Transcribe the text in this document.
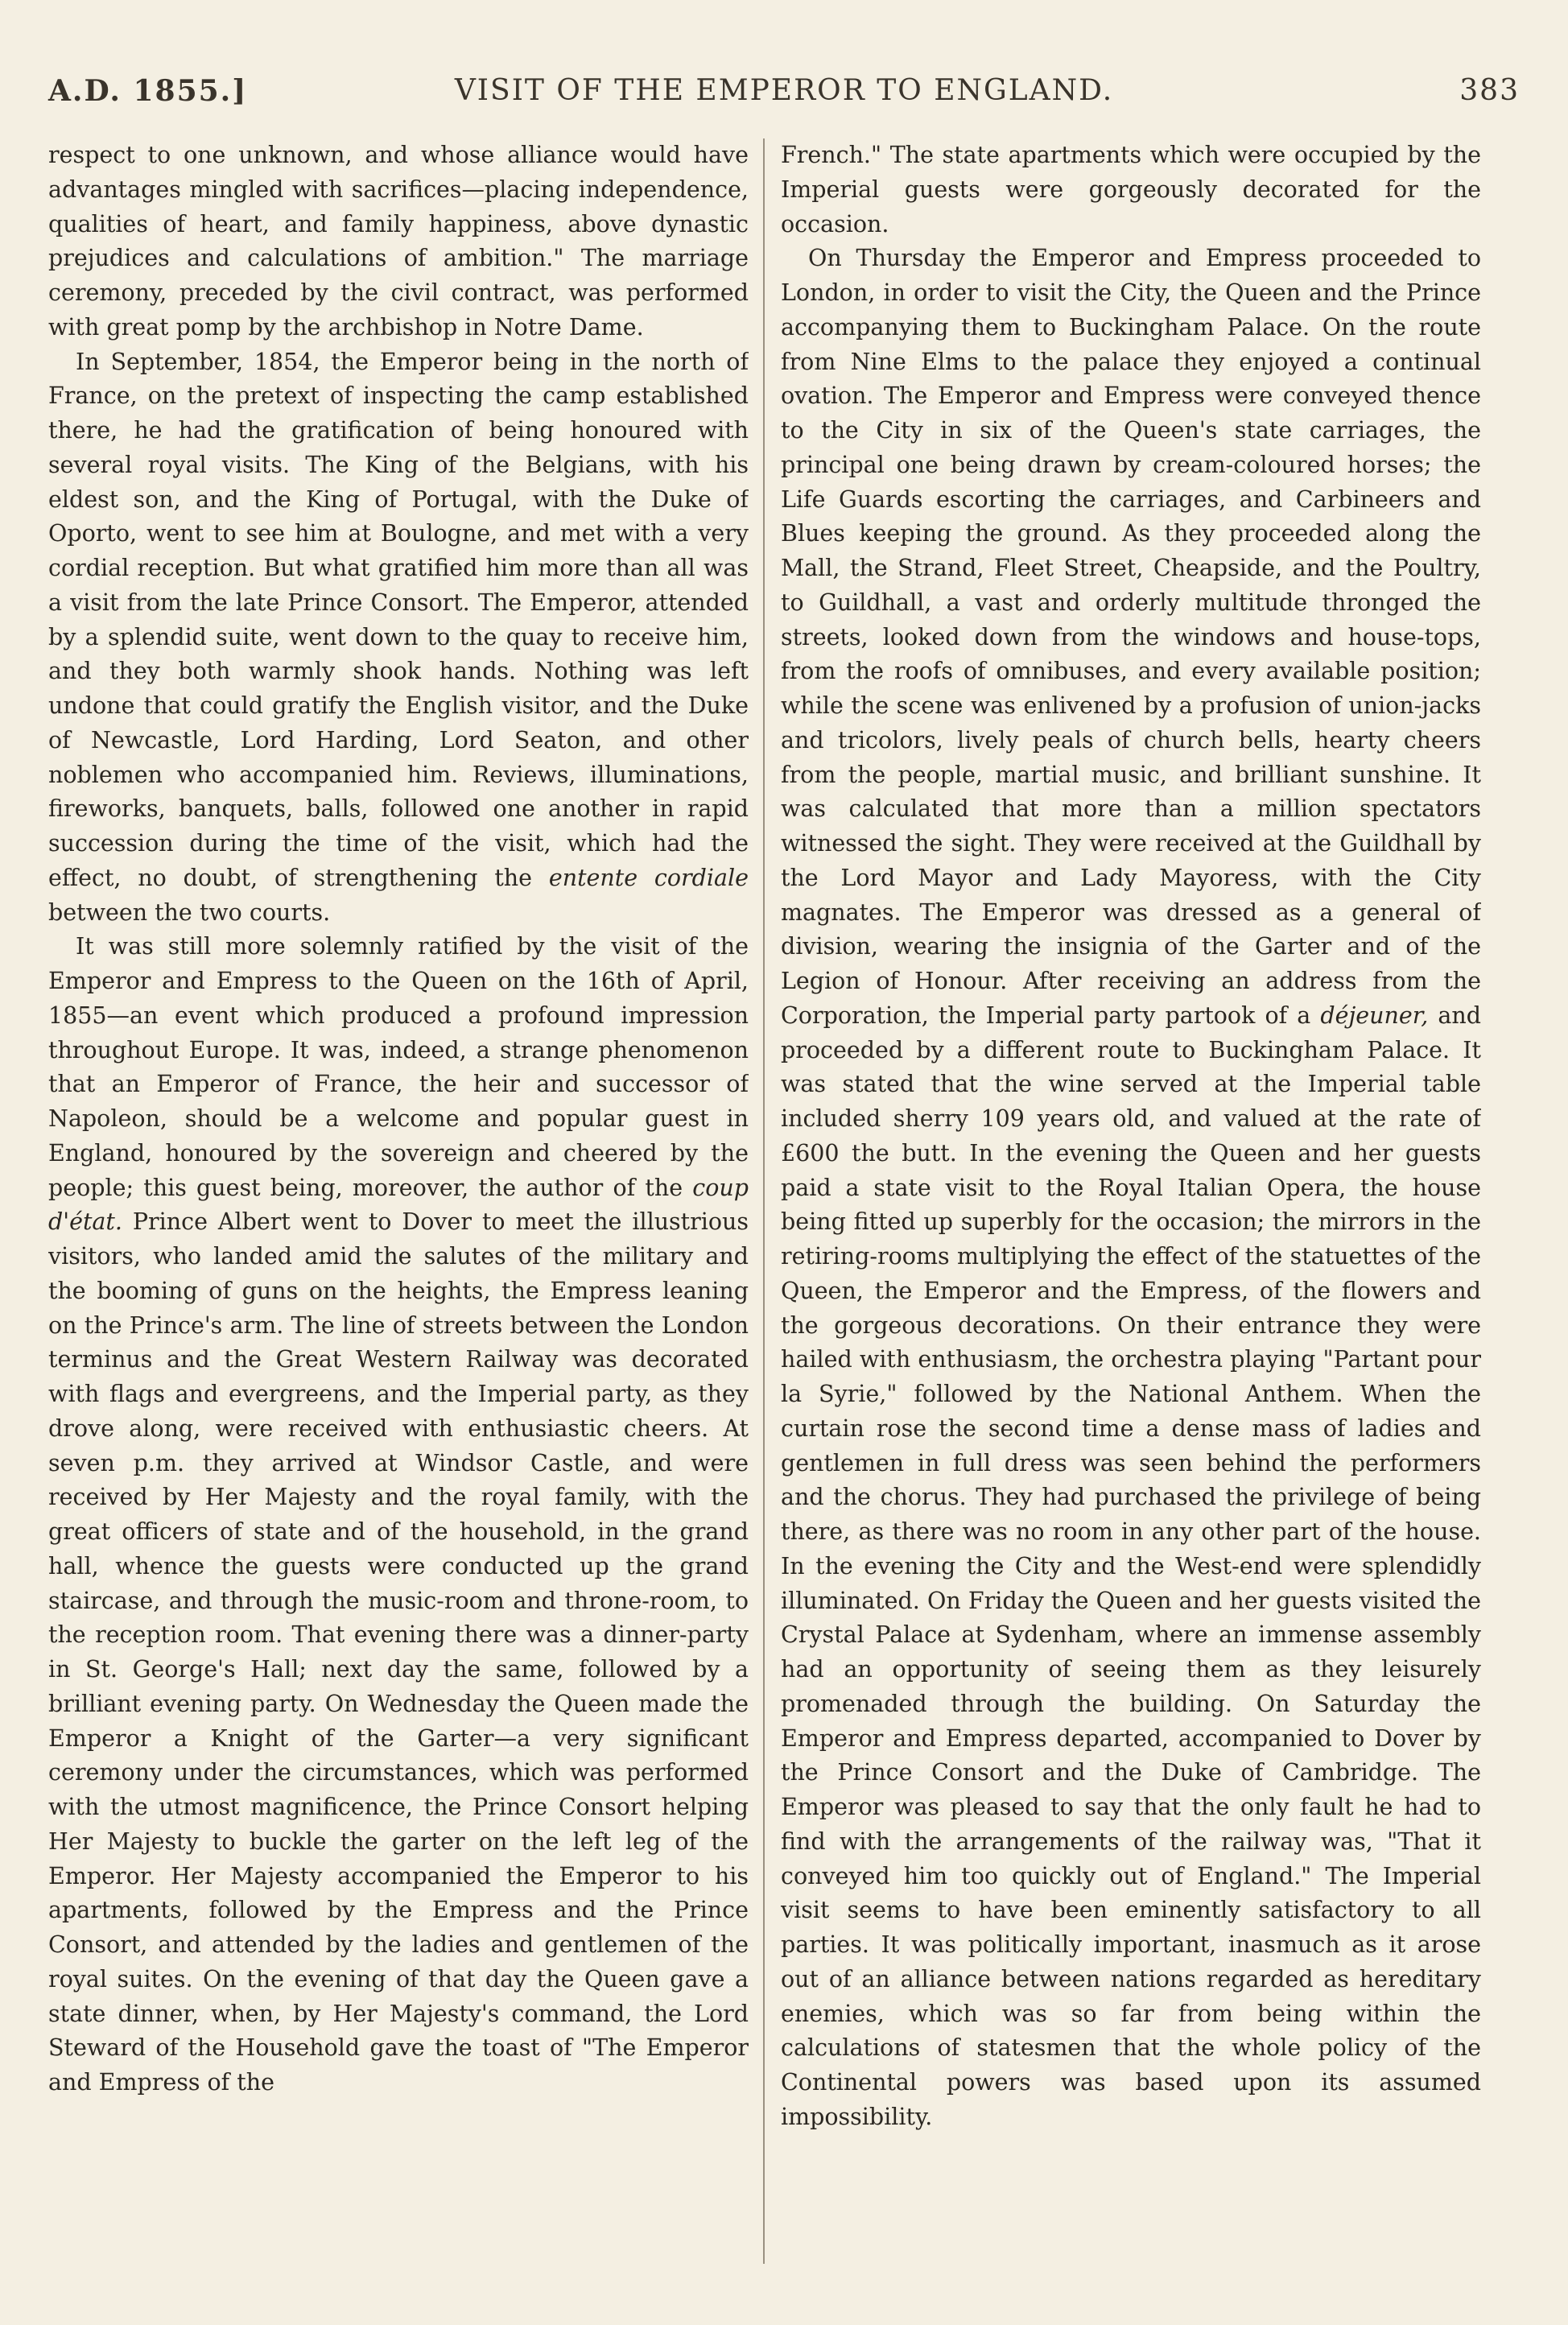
A.D. 1855.]	VISIT OF THE EMPEROR TO ENGLAND.	383

respect to one unknown, and whose alliance would have advantages mingled with sacrifices—placing independence, qualities of heart, and family happiness, above dynastic prejudices and calculations of ambition." The marriage ceremony, preceded by the civil contract, was performed with great pomp by the archbishop in Notre Dame.

In September, 1854, the Emperor being in the north of France, on the pretext of inspecting the camp established there, he had the gratification of being honoured with several royal visits. The King of the Belgians, with his eldest son, and the King of Portugal, with the Duke of Oporto, went to see him at Boulogne, and met with a very cordial reception. But what gratified him more than all was a visit from the late Prince Consort. The Emperor, attended by a splendid suite, went down to the quay to receive him, and they both warmly shook hands. Nothing was left undone that could gratify the English visitor, and the Duke of Newcastle, Lord Harding, Lord Seaton, and other noblemen who accompanied him. Reviews, illuminations, fireworks, banquets, balls, followed one another in rapid succession during the time of the visit, which had the effect, no doubt, of strengthening the entente cordiale between the two courts.

It was still more solemnly ratified by the visit of the Emperor and Empress to the Queen on the 16th of April, 1855—an event which produced a profound impression throughout Europe. It was, indeed, a strange phenomenon that an Emperor of France, the heir and successor of Napoleon, should be a welcome and popular guest in England, honoured by the sovereign and cheered by the people; this guest being, moreover, the author of the coup d'état. Prince Albert went to Dover to meet the illustrious visitors, who landed amid the salutes of the military and the booming of guns on the heights, the Empress leaning on the Prince's arm. The line of streets between the London terminus and the Great Western Railway was decorated with flags and evergreens, and the Imperial party, as they drove along, were received with enthusiastic cheers. At seven p.m. they arrived at Windsor Castle, and were received by Her Majesty and the royal family, with the great officers of state and of the household, in the grand hall, whence the guests were conducted up the grand staircase, and through the music-room and throne-room, to the reception room. That evening there was a dinner-party in St. George's Hall; next day the same, followed by a brilliant evening party. On Wednesday the Queen made the Emperor a Knight of the Garter—a very significant ceremony under the circumstances, which was performed with the utmost magnificence, the Prince Consort helping Her Majesty to buckle the garter on the left leg of the Emperor. Her Majesty accompanied the Emperor to his apartments, followed by the Empress and the Prince Consort, and attended by the ladies and gentlemen of the royal suites. On the evening of that day the Queen gave a state dinner, when, by Her Majesty's command, the Lord Steward of the Household gave the toast of "The Emperor and Empress of the

French." The state apartments which were occupied by the Imperial guests were gorgeously decorated for the occasion.

On Thursday the Emperor and Empress proceeded to London, in order to visit the City, the Queen and the Prince accompanying them to Buckingham Palace. On the route from Nine Elms to the palace they enjoyed a continual ovation. The Emperor and Empress were conveyed thence to the City in six of the Queen's state carriages, the principal one being drawn by cream-coloured horses; the Life Guards escorting the carriages, and Carbineers and Blues keeping the ground. As they proceeded along the Mall, the Strand, Fleet Street, Cheapside, and the Poultry, to Guildhall, a vast and orderly multitude thronged the streets, looked down from the windows and house-tops, from the roofs of omnibuses, and every available position; while the scene was enlivened by a profusion of union-jacks and tricolors, lively peals of church bells, hearty cheers from the people, martial music, and brilliant sunshine. It was calculated that more than a million spectators witnessed the sight. They were received at the Guildhall by the Lord Mayor and Lady Mayoress, with the City magnates. The Emperor was dressed as a general of division, wearing the insignia of the Garter and of the Legion of Honour. After receiving an address from the Corporation, the Imperial party partook of a déjeuner, and proceeded by a different route to Buckingham Palace. It was stated that the wine served at the Imperial table included sherry 109 years old, and valued at the rate of £600 the butt. In the evening the Queen and her guests paid a state visit to the Royal Italian Opera, the house being fitted up superbly for the occasion; the mirrors in the retiring-rooms multiplying the effect of the statuettes of the Queen, the Emperor and the Empress, of the flowers and the gorgeous decorations. On their entrance they were hailed with enthusiasm, the orchestra playing "Partant pour la Syrie," followed by the National Anthem. When the curtain rose the second time a dense mass of ladies and gentlemen in full dress was seen behind the performers and the chorus. They had purchased the privilege of being there, as there was no room in any other part of the house. In the evening the City and the West-end were splendidly illuminated. On Friday the Queen and her guests visited the Crystal Palace at Sydenham, where an immense assembly had an opportunity of seeing them as they leisurely promenaded through the building. On Saturday the Emperor and Empress departed, accompanied to Dover by the Prince Consort and the Duke of Cambridge. The Emperor was pleased to say that the only fault he had to find with the arrangements of the railway was, "That it conveyed him too quickly out of England." The Imperial visit seems to have been eminently satisfactory to all parties. It was politically important, inasmuch as it arose out of an alliance between nations regarded as hereditary enemies, which was so far from being within the calculations of statesmen that the whole policy of the Continental powers was based upon its assumed impossibility.
